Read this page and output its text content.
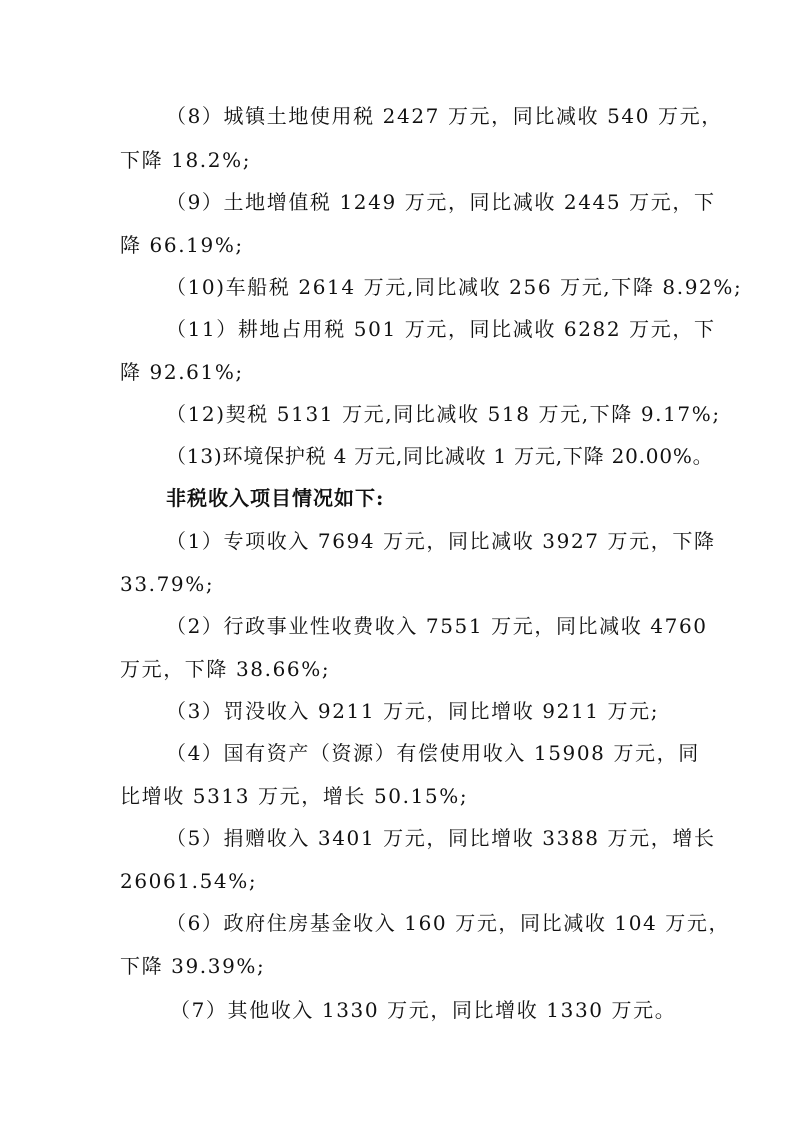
（8）城镇土地使用税 2427 万元，同比减收 540 万元，
下降 18.2%;
（9）土地增值税 1249 万元，同比减收 2445 万元，下
降 66.19%;
（10)车船税 2614 万元,同比减收 256 万元,下降 8.92%;
（11）耕地占用税 501 万元，同比减收 6282 万元，下
降 92.61%;
（12)契税 5131 万元,同比减收 518 万元,下降 9.17%;
（13)环境保护税 4 万元,同比减收 1 万元,下降 20.00%。
非税收入项目情况如下:
（1）专项收入 7694 万元，同比减收 3927 万元，下降
33.79%;
（2）行政事业性收费收入 7551 万元，同比减收 4760
万元，下降 38.66%;
（3）罚没收入 9211 万元，同比增收 9211 万元;
（4）国有资产（资源）有偿使用收入 15908 万元，同
比增收 5313 万元，增长 50.15%;
（5）捐赠收入 3401 万元，同比增收 3388 万元，增长
26061.54%;
（6）政府住房基金收入 160 万元，同比减收 104 万元，
下降 39.39%;
（7）其他收入 1330 万元，同比增收 1330 万元。
